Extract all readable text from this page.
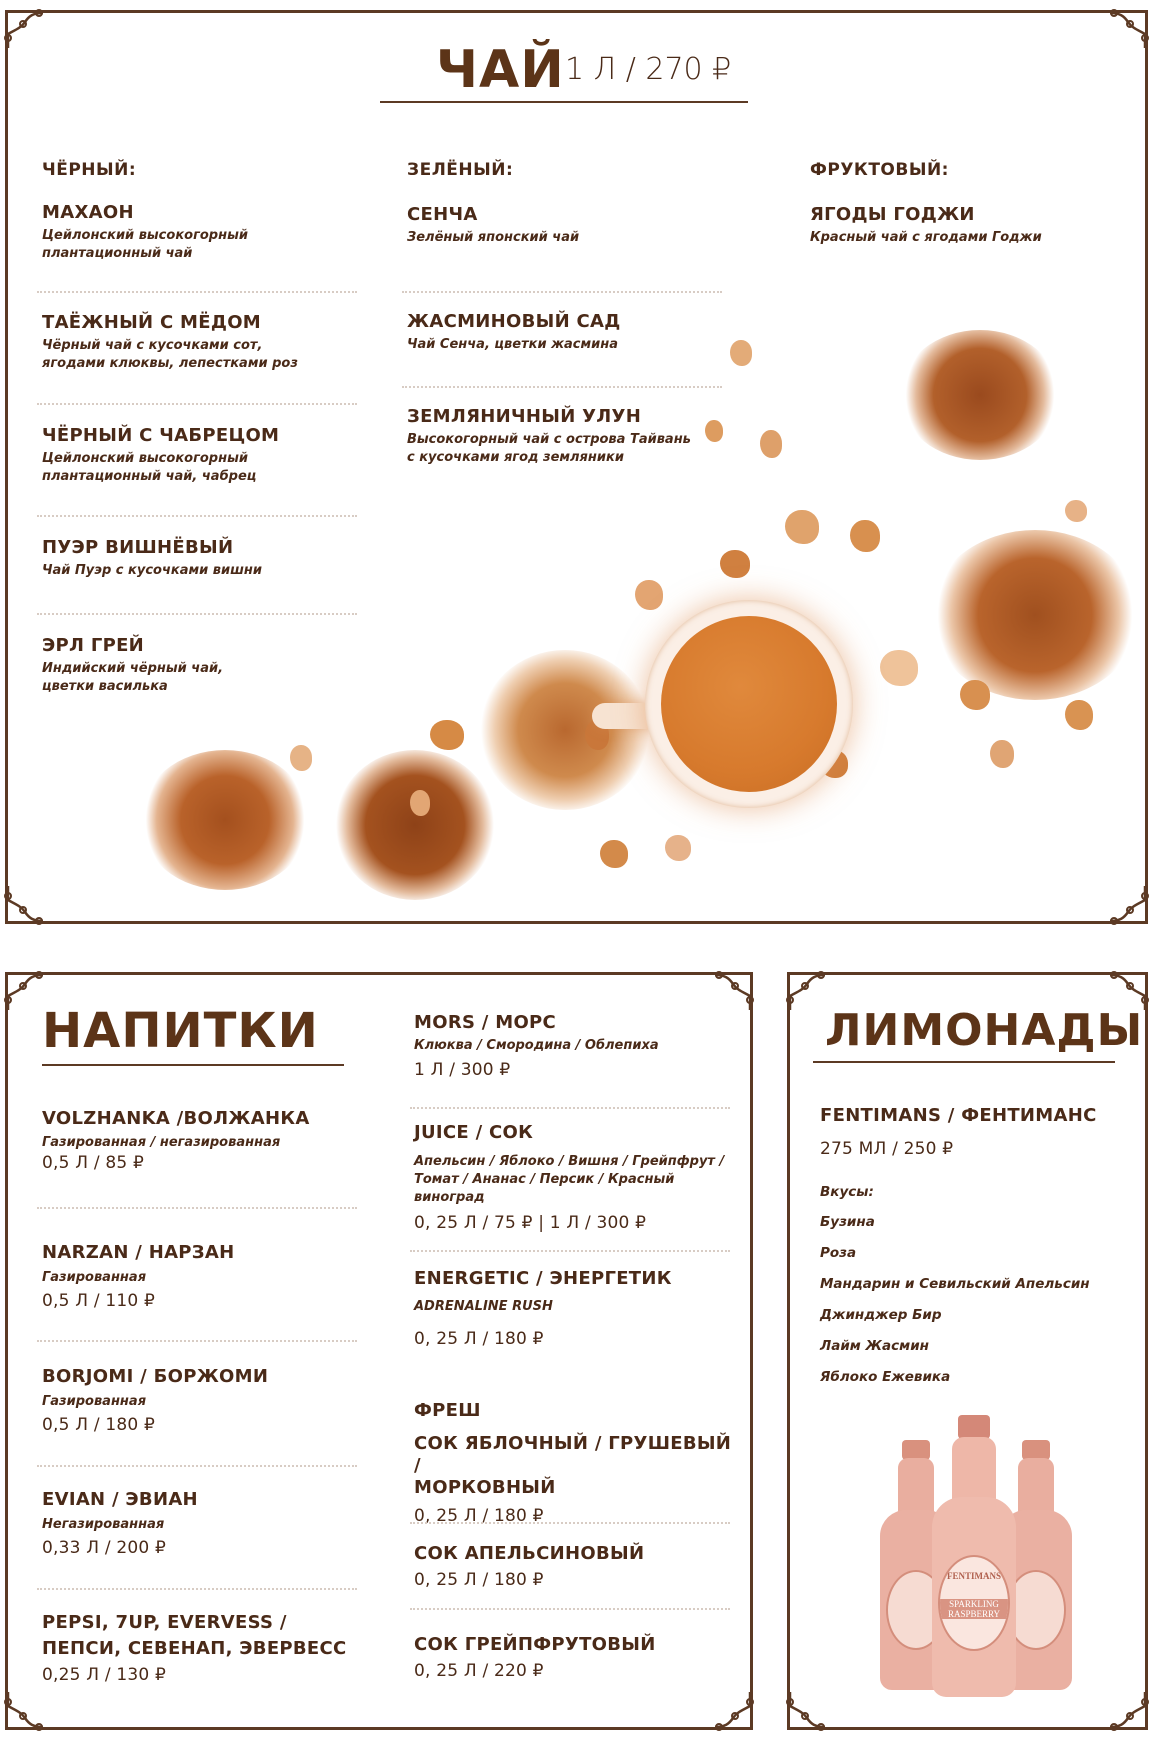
ЧАЙ 1 Л / 270 ₽
ЧЁРНЫЙ:
МАХАОН
Цейлонский высокогорный
плантационный чай
ТАЁЖНЫЙ С МЁДОМ
Чёрный чай с кусочками сот,
ягодами клюквы, лепестками роз
ЧЁРНЫЙ С ЧАБРЕЦОМ
Цейлонский высокогорный
плантационный чай, чабрец
ПУЭР ВИШНЁВЫЙ
Чай Пуэр с кусочками вишни
ЭРЛ ГРЕЙ
Индийский чёрный чай,
цветки василька
ЗЕЛЁНЫЙ:
СЕНЧА
Зелёный японский чай
ЖАСМИНОВЫЙ САД
Чай Сенча, цветки жасмина
ЗЕМЛЯНИЧНЫЙ УЛУН
Высокогорный чай с острова Тайвань
с кусочками ягод земляники
ФРУКТОВЫЙ:
ЯГОДЫ ГОДЖИ
Красный чай с ягодами Годжи
НАПИТКИ
VOLZHANKA /ВОЛЖАНКА
Газированная / негазированная
0,5 Л / 85 ₽
NARZAN / НАРЗАН
Газированная
0,5 Л / 110 ₽
BORJOMI / БОРЖОМИ
Газированная
0,5 Л / 180 ₽
EVIAN / ЭВИАН
Негазированная
0,33 Л / 200 ₽
PEPSI, 7UP, EVERVESS /
ПЕПСИ, СЕВЕНАП, ЭВЕРВЕСС
0,25 Л / 130 ₽
MORS / МОРС
Клюква / Смородина / Облепиха
1 Л / 300 ₽
JUICE / СОК
Апельсин / Яблоко / Вишня / Грейпфрут /
Томат / Ананас / Персик / Красный виноград
0, 25 Л / 75 ₽ | 1 Л / 300 ₽
ENERGETIC / ЭНЕРГЕТИК
ADRENALINE RUSH
0, 25 Л / 180 ₽
ФРЕШ
СОК ЯБЛОЧНЫЙ / ГРУШЕВЫЙ /
МОРКОВНЫЙ
0, 25 Л / 180 ₽
СОК АПЕЛЬСИНОВЫЙ
0, 25 Л / 180 ₽
СОК ГРЕЙПФРУТОВЫЙ
0, 25 Л / 220 ₽
ЛИМОНАДЫ
FENTIMANS / ФЕНТИМАНС
275 МЛ / 250 ₽
Вкусы:
Бузина
Роза
Мандарин и Севильский Апельсин
Джинджер Бир
Лайм Жасмин
Яблоко Ежевика
FENTIMANS
SPARKLING
RASPBERRY
